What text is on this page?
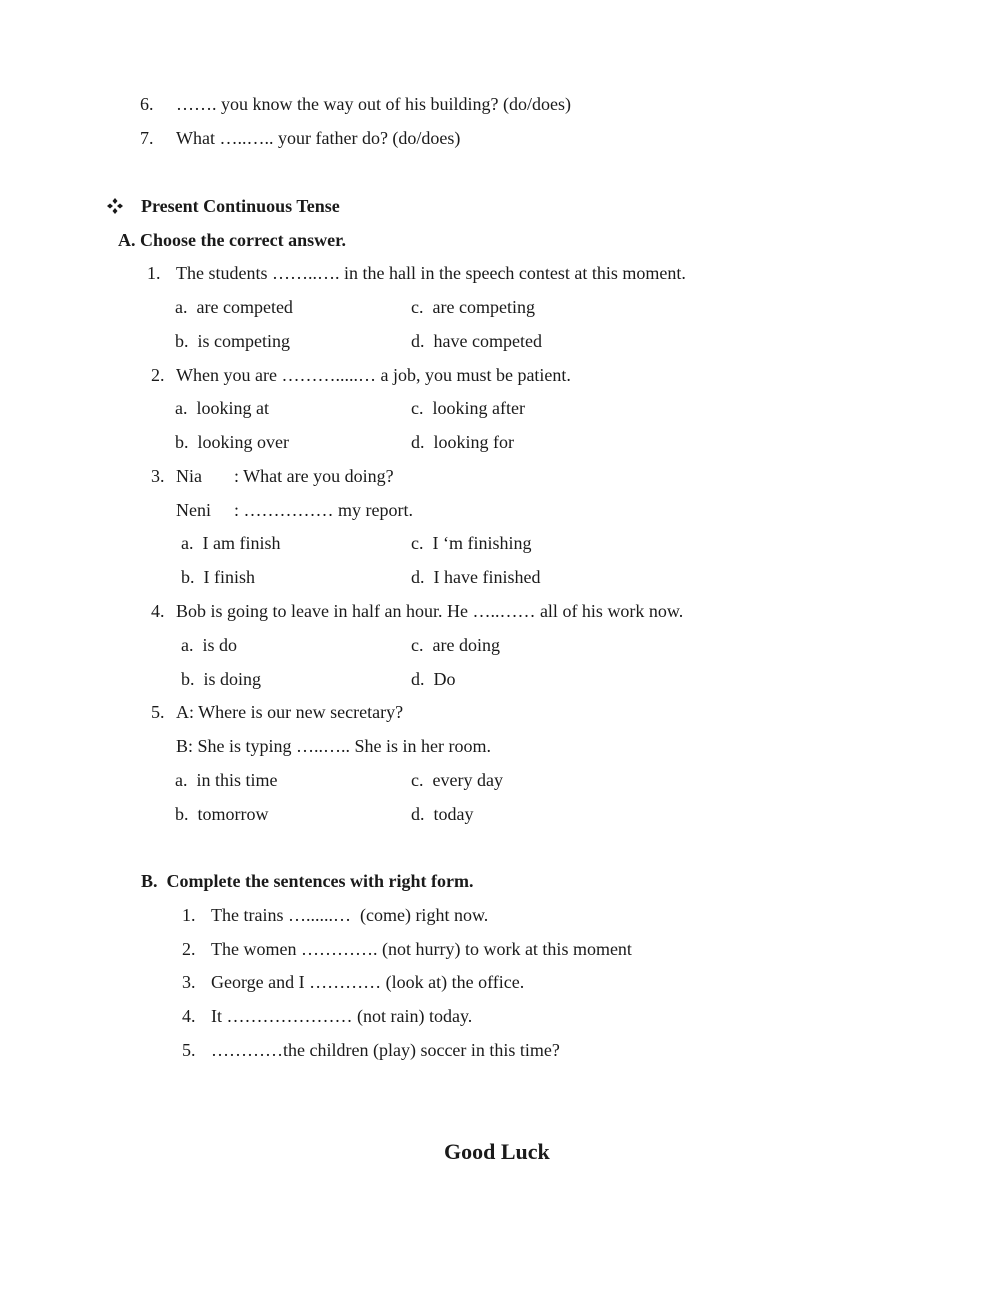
6. ……. you know the way out of his building? (do/does)
7. What …..….. your father do? (do/does)
Present Continuous Tense
A. Choose the correct answer.
1. The students ……..…. in the hall in the speech contest at this moment.
a.  are competed	c.  are competing
b.  is competing	d.  have competed
2. When you are ……….....… a job, you must be patient.
a.  looking at	c.  looking after
b.  looking over	d.  looking for
3. Nia : What are you doing?
Neni : …………… my report.
a.  I am finish	c.  I ‘m finishing
b.  I finish	d.  I have finished
4. Bob is going to leave in half an hour. He …..…… all of his work now.
a.  is do	c.  are doing
b.  is doing	d.  Do
5. A: Where is our new secretary?
B: She is typing …..….. She is in her room.
a.  in this time	c.  every day
b.  tomorrow	d.  today
B.  Complete the sentences with right form.
1. The trains …......…  (come) right now.
2. The women …………. (not hurry) to work at this moment
3. George and I ………… (look at) the office.
4. It ………………… (not rain) today.
5. …………the children (play) soccer in this time?
Good Luck
